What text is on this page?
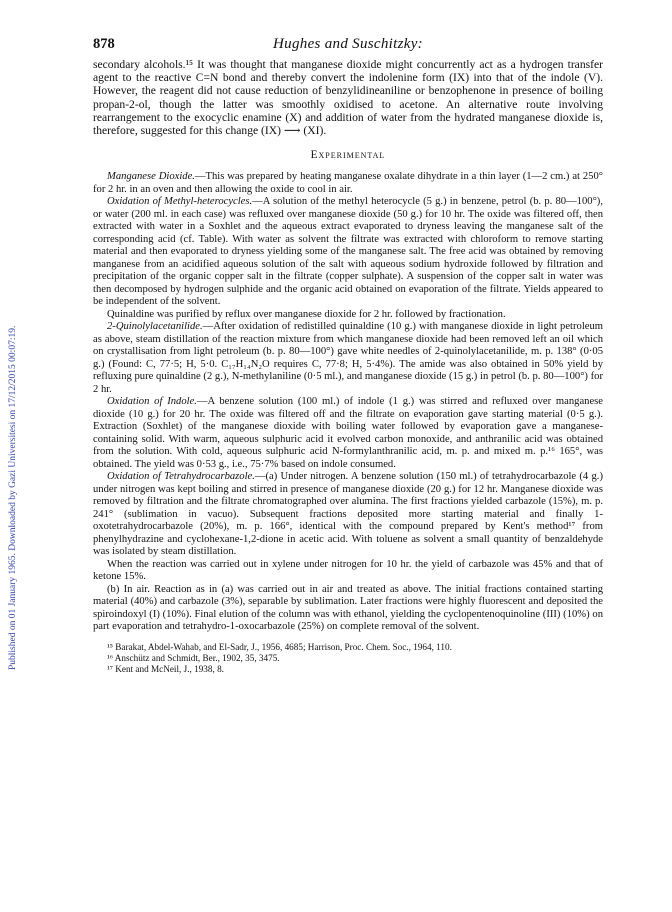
Published on 01 January 1965. Downloaded by Gazi Universitesi on 17/12/2015 00:07:19.
878	Hughes and Suschitzky:

secondary alcohols.¹⁵ It was thought that manganese dioxide might concurrently act as a hydrogen transfer agent to the reactive C=N bond and thereby convert the indolenine form (IX) into that of the indole (V). However, the reagent did not cause reduction of benzylidineaniline or benzophenone in presence of boiling propan-2-ol, though the latter was smoothly oxidised to acetone. An alternative route involving rearrangement to the exocyclic enamine (X) and addition of water from the hydrated manganese dioxide is, therefore, suggested for this change (IX) ⟶ (XI).

Experimental

Manganese Dioxide.—This was prepared by heating manganese oxalate dihydrate in a thin layer (1—2 cm.) at 250° for 2 hr. in an oven and then allowing the oxide to cool in air.

Oxidation of Methyl-heterocycles.—A solution of the methyl heterocycle (5 g.) in benzene, petrol (b. p. 80—100°), or water (200 ml. in each case) was refluxed over manganese dioxide (50 g.) for 10 hr. The oxide was filtered off, then extracted with water in a Soxhlet and the aqueous extract evaporated to dryness leaving the manganese salt of the corresponding acid (cf. Table). With water as solvent the filtrate was extracted with chloroform to remove starting material and then evaporated to dryness yielding some of the manganese salt. The free acid was obtained by removing manganese from an acidified aqueous solution of the salt with aqueous sodium hydroxide followed by filtration and precipitation of the organic copper salt in the filtrate (copper sulphate). A suspension of the copper salt in water was then decomposed by hydrogen sulphide and the organic acid obtained on evaporation of the filtrate. Yields appeared to be independent of the solvent.

Quinaldine was purified by reflux over manganese dioxide for 2 hr. followed by fractionation.

2-Quinolylacetanilide.—After oxidation of redistilled quinaldine (10 g.) with manganese dioxide in light petroleum as above, steam distillation of the reaction mixture from which manganese dioxide had been removed left an oil which on crystallisation from light petroleum (b. p. 80—100°) gave white needles of 2-quinolylacetanilide, m. p. 138° (0·05 g.) (Found: C, 77·5; H, 5·0. C₁₇H₁₄N₂O requires C, 77·8; H, 5·4%). The amide was also obtained in 50% yield by refluxing pure quinaldine (2 g.), N-methylaniline (0·5 ml.), and manganese dioxide (15 g.) in petrol (b. p. 80—100°) for 2 hr.

Oxidation of Indole.—A benzene solution (100 ml.) of indole (1 g.) was stirred and refluxed over manganese dioxide (10 g.) for 20 hr. The oxide was filtered off and the filtrate on evaporation gave starting material (0·5 g.). Extraction (Soxhlet) of the manganese dioxide with boiling water followed by evaporation gave a manganese-containing solid. With warm, aqueous sulphuric acid it evolved carbon monoxide, and anthranilic acid was obtained from the solution. With cold, aqueous sulphuric acid N-formylanthranilic acid, m. p. and mixed m. p.¹⁶ 165°, was obtained. The yield was 0·53 g., i.e., 75·7% based on indole consumed.

Oxidation of Tetrahydrocarbazole.—(a) Under nitrogen. A benzene solution (150 ml.) of tetrahydrocarbazole (4 g.) under nitrogen was kept boiling and stirred in presence of manganese dioxide (20 g.) for 12 hr. Manganese dioxide was removed by filtration and the filtrate chromatographed over alumina. The first fractions yielded carbazole (15%), m. p. 241° (sublimation in vacuo). Subsequent fractions deposited more starting material and finally 1-oxotetrahydrocarbazole (20%), m. p. 166°, identical with the compound prepared by Kent's method¹⁷ from phenylhydrazine and cyclohexane-1,2-dione in acetic acid. With toluene as solvent a small quantity of benzaldehyde was isolated by steam distillation.

When the reaction was carried out in xylene under nitrogen for 10 hr. the yield of carbazole was 45% and that of ketone 15%.

(b) In air. Reaction as in (a) was carried out in air and treated as above. The initial fractions contained starting material (40%) and carbazole (3%), separable by sublimation. Later fractions were highly fluorescent and deposited the spiroindoxyl (I) (10%). Final elution of the column was with ethanol, yielding the cyclopentenoquinoline (III) (10%) on part evaporation and tetrahydro-1-oxocarbazole (25%) on complete removal of the solvent.

¹⁵ Barakat, Abdel-Wahab, and El-Sadr, J., 1956, 4685; Harrison, Proc. Chem. Soc., 1964, 110.

¹⁶ Anschütz and Schmidt, Ber., 1902, 35, 3475.

¹⁷ Kent and McNeil, J., 1938, 8.
